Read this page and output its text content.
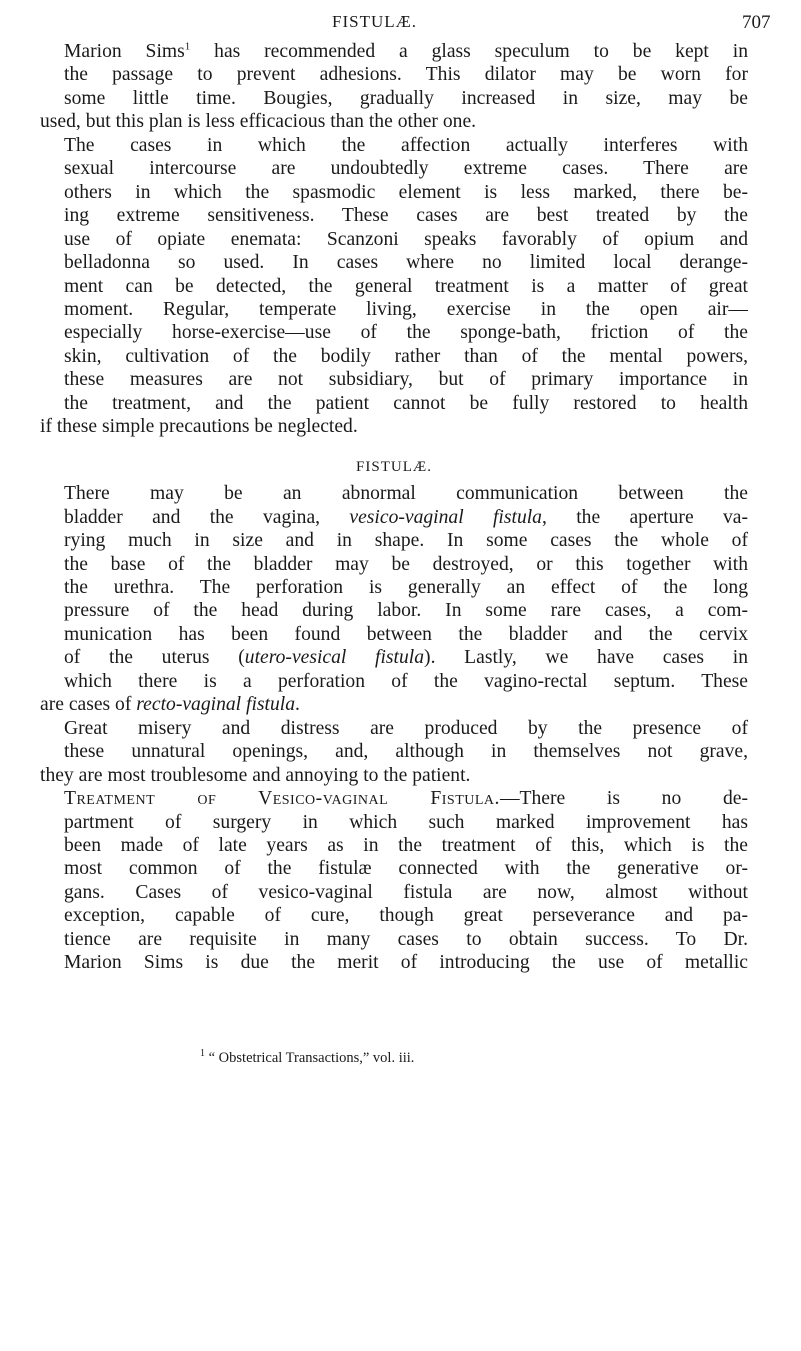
FISTULÆ.	707

Marion Sims$^1$ has recommended a glass speculum to be kept in
the passage to prevent adhesions. This dilator may be worn for
some little time. Bougies, gradually increased in size, may be
used, but this plan is less efficacious than the other one.

The cases in which the affection actually interferes with
sexual intercourse are undoubtedly extreme cases. There are
others in which the spasmodic element is less marked, there be-
ing extreme sensitiveness. These cases are best treated by the
use of opiate enemata: Scanzoni speaks favorably of opium and
belladonna so used. In cases where no limited local derange-
ment can be detected, the general treatment is a matter of great
moment. Regular, temperate living, exercise in the open air—
especially horse-exercise—use of the sponge-bath, friction of the
skin, cultivation of the bodily rather than of the mental powers,
these measures are not subsidiary, but of primary importance in
the treatment, and the patient cannot be fully restored to health
if these simple precautions be neglected.

FISTULÆ.

There may be an abnormal communication between the
bladder and the vagina, vesico-vaginal fistula, the aperture va-
rying much in size and in shape. In some cases the whole of
the base of the bladder may be destroyed, or this together with
the urethra. The perforation is generally an effect of the long
pressure of the head during labor. In some rare cases, a com-
munication has been found between the bladder and the cervix
of the uterus (utero-vesical fistula). Lastly, we have cases in
which there is a perforation of the vagino-rectal septum. These
are cases of recto-vaginal fistula.

Great misery and distress are produced by the presence of
these unnatural openings, and, although in themselves not grave,
they are most troublesome and annoying to the patient.

Treatment of Vesico-vaginal Fistula.—There is no de-
partment of surgery in which such marked improvement has
been made of late years as in the treatment of this, which is the
most common of the fistulæ connected with the generative or-
gans. Cases of vesico-vaginal fistula are now, almost without
exception, capable of cure, though great perseverance and pa-
tience are requisite in many cases to obtain success. To Dr.
Marion Sims is due the merit of introducing the use of metallic

$^1$ “ Obstetrical Transactions,” vol. iii.
